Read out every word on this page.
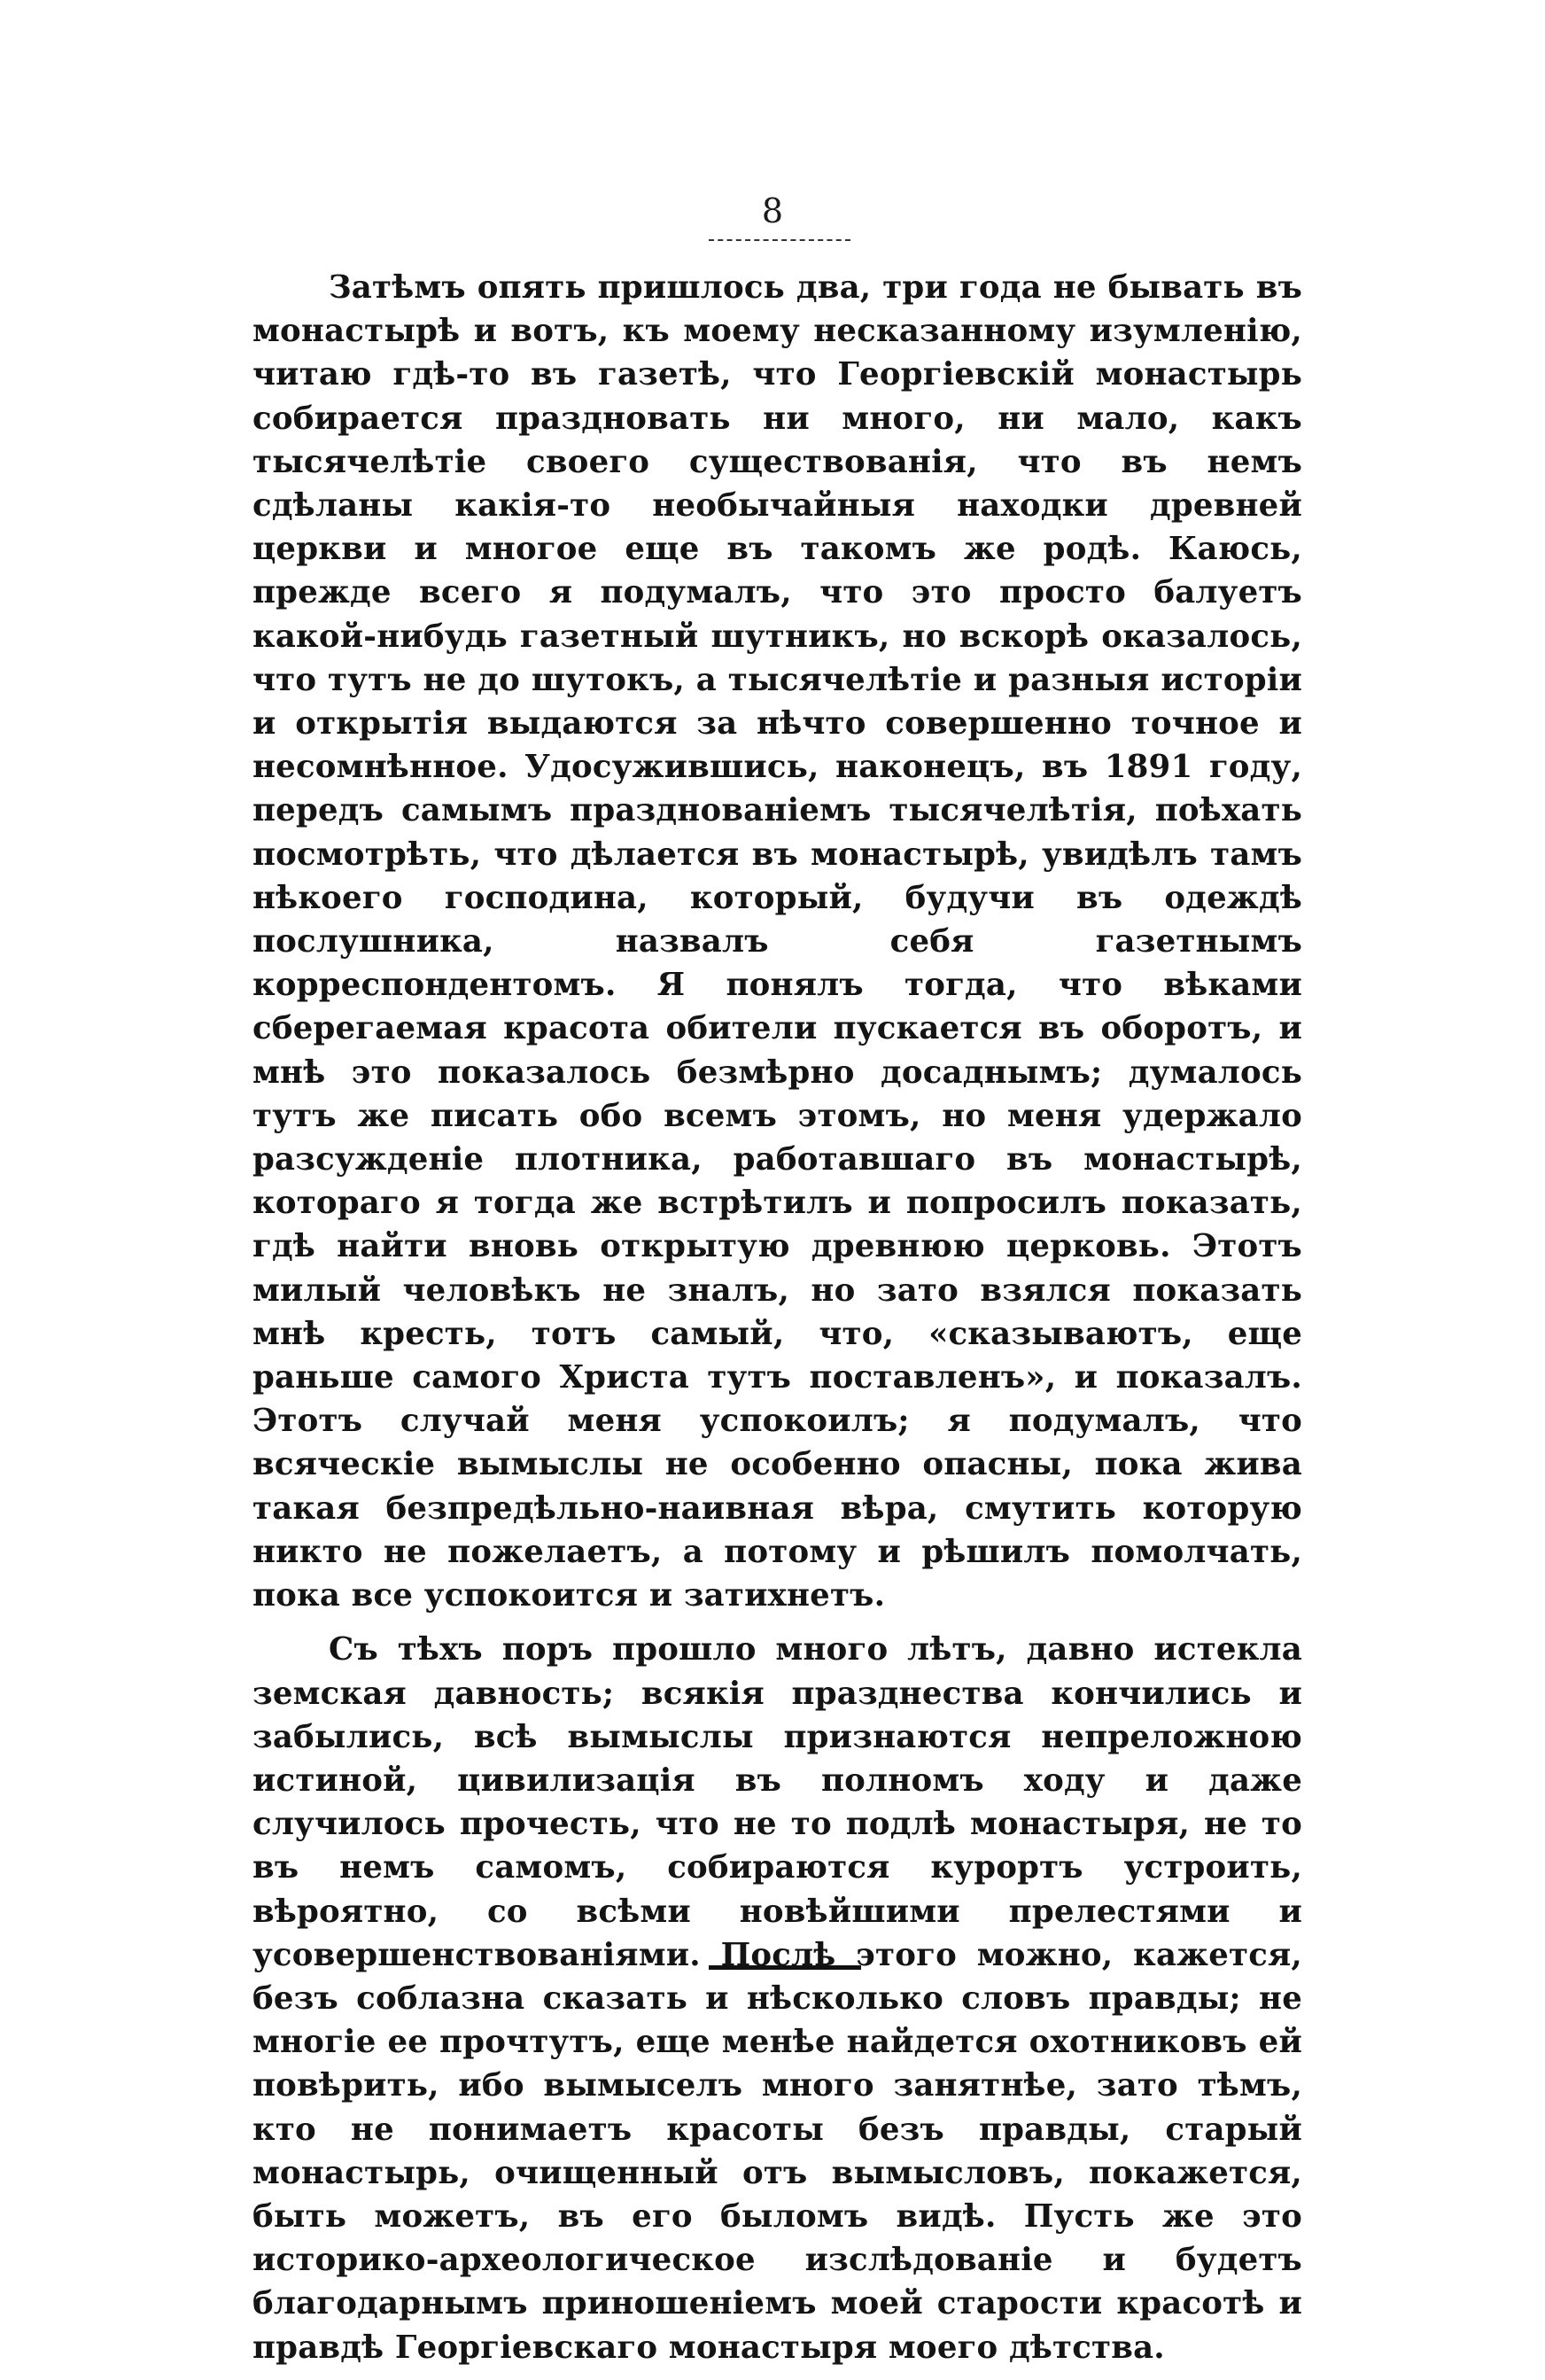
8

Затѣмъ опять пришлось два, три года не бывать въ монастырѣ и вотъ, къ моему несказанному изумленію, читаю гдѣ-то въ газетѣ, что Георгіевскій монастырь собирается праздновать ни много, ни мало, какъ тысячелѣтіе своего существованія, что въ немъ сдѣланы какія-то необычайныя находки древней церкви и многое еще въ такомъ же родѣ. Каюсь, прежде всего я подумалъ, что это просто балуетъ какой-нибудь газетный шутникъ, но вскорѣ оказалось, что тутъ не до шутокъ, а тысячелѣтіе и разныя исторіи и открытія выдаются за нѣчто совершенно точное и несомнѣнное. Удосужившись, наконецъ, въ 1891 году, передъ самымъ празднованіемъ тысячелѣтія, поѣхать посмотрѣть, что дѣлается въ монастырѣ, увидѣлъ тамъ нѣкоего господина, который, будучи въ одеждѣ послушника, назвалъ себя газетнымъ корреспондентомъ. Я понялъ тогда, что вѣками сберегаемая красота обители пускается въ оборотъ, и мнѣ это показалось безмѣрно досаднымъ; думалось тутъ же писать обо всемъ этомъ, но меня удержало разсужденіе плотника, работавшаго въ монастырѣ, котораго я тогда же встрѣтилъ и попросилъ показать, гдѣ найти вновь открытую древнюю церковь. Этотъ милый человѣкъ не зналъ, но зато взялся показать мнѣ кресть, тотъ самый, что, «сказываютъ, еще раньше самого Христа тутъ поставленъ», и показалъ. Этотъ случай меня успокоилъ; я подумалъ, что всяческіе вымыслы не особенно опасны, пока жива такая безпредѣльно-наивная вѣра, смутить которую никто не пожелаетъ, а потому и рѣшилъ помолчать, пока все успокоится и затихнетъ.

Съ тѣхъ поръ прошло много лѣтъ, давно истекла земская давность; всякія празднества кончились и забылись, всѣ вымыслы признаются непреложною истиной, цивилизація въ полномъ ходу и даже случилось прочесть, что не то подлѣ монастыря, не то въ немъ самомъ, собираются курортъ устроить, вѣроятно, со всѣми новѣйшими прелестями и усовершенствованіями. Послѣ этого можно, кажется, безъ соблазна сказать и нѣсколько словъ правды; не многіе ее прочтутъ, еще менѣе найдется охотниковъ ей повѣрить, ибо вымыселъ много занятнѣе, зато тѣмъ, кто не понимаетъ красоты безъ правды, старый монастырь, очищенный отъ вымысловъ, покажется, быть можетъ, въ его быломъ видѣ. Пусть же это историко-археологическое изслѣдованіе и будетъ благодарнымъ приношеніемъ моей старости красотѣ и правдѣ Георгіевскаго монастыря моего дѣтства.
